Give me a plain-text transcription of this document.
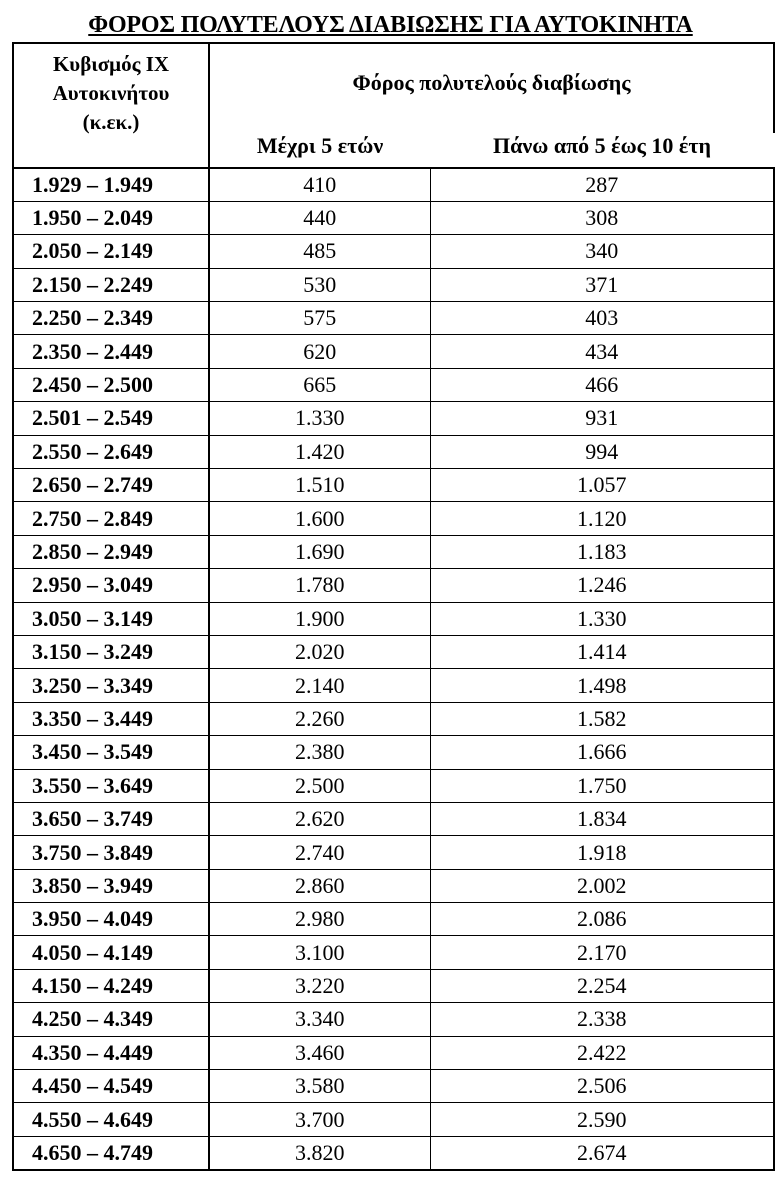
ΦΟΡΟΣ ΠΟΛΥΤΕΛΟΥΣ ΔΙΑΒΙΩΣΗΣ ΓΙΑ ΑΥΤΟΚΙΝΗΤΑ
Κυβισμός ΙΧ
Αυτοκινήτου
(κ.εκ.)	Φόρος πολυτελούς διαβίωσης	
	Μέχρι 5 ετών	Πάνω από 5 έως 10 έτη
1.929 – 1.949	410	287
1.950 – 2.049	440	308
2.050 – 2.149	485	340
2.150 – 2.249	530	371
2.250 – 2.349	575	403
2.350 – 2.449	620	434
2.450 – 2.500	665	466
2.501 – 2.549	1.330	931
2.550 – 2.649	1.420	994
2.650 – 2.749	1.510	1.057
2.750 – 2.849	1.600	1.120
2.850 – 2.949	1.690	1.183
2.950 – 3.049	1.780	1.246
3.050 – 3.149	1.900	1.330
3.150 – 3.249	2.020	1.414
3.250 – 3.349	2.140	1.498
3.350 – 3.449	2.260	1.582
3.450 – 3.549	2.380	1.666
3.550 – 3.649	2.500	1.750
3.650 – 3.749	2.620	1.834
3.750 – 3.849	2.740	1.918
3.850 – 3.949	2.860	2.002
3.950 – 4.049	2.980	2.086
4.050 – 4.149	3.100	2.170
4.150 – 4.249	3.220	2.254
4.250 – 4.349	3.340	2.338
4.350 – 4.449	3.460	2.422
4.450 – 4.549	3.580	2.506
4.550 – 4.649	3.700	2.590
4.650 – 4.749	3.820	2.674
